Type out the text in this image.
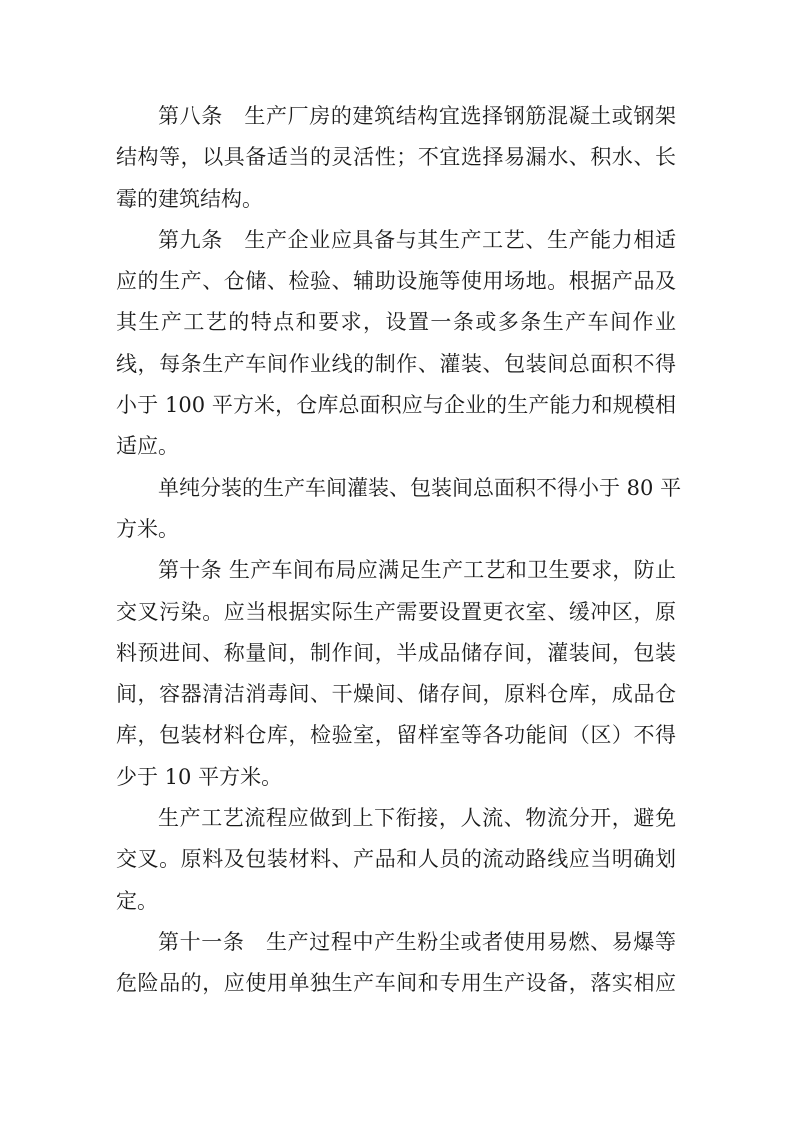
第八条　生产厂房的建筑结构宜选择钢筋混凝土或钢架
结构等，以具备适当的灵活性；不宜选择易漏水、积水、长
霉的建筑结构。
第九条　生产企业应具备与其生产工艺、生产能力相适
应的生产、仓储、检验、辅助设施等使用场地。根据产品及
其生产工艺的特点和要求，设置一条或多条生产车间作业
线，每条生产车间作业线的制作、灌装、包装间总面积不得
小于 100 平方米，仓库总面积应与企业的生产能力和规模相
适应。
单纯分装的生产车间灌装、包装间总面积不得小于 80 平
方米。
第十条 生产车间布局应满足生产工艺和卫生要求，防止
交叉污染。应当根据实际生产需要设置更衣室、缓冲区，原
料预进间、称量间，制作间，半成品储存间，灌装间，包装
间，容器清洁消毒间、干燥间、储存间，原料仓库，成品仓
库，包装材料仓库，检验室，留样室等各功能间（区）不得
少于 10 平方米。
生产工艺流程应做到上下衔接，人流、物流分开，避免
交叉。原料及包装材料、产品和人员的流动路线应当明确划
定。
第十一条　生产过程中产生粉尘或者使用易燃、易爆等
危险品的，应使用单独生产车间和专用生产设备，落实相应
